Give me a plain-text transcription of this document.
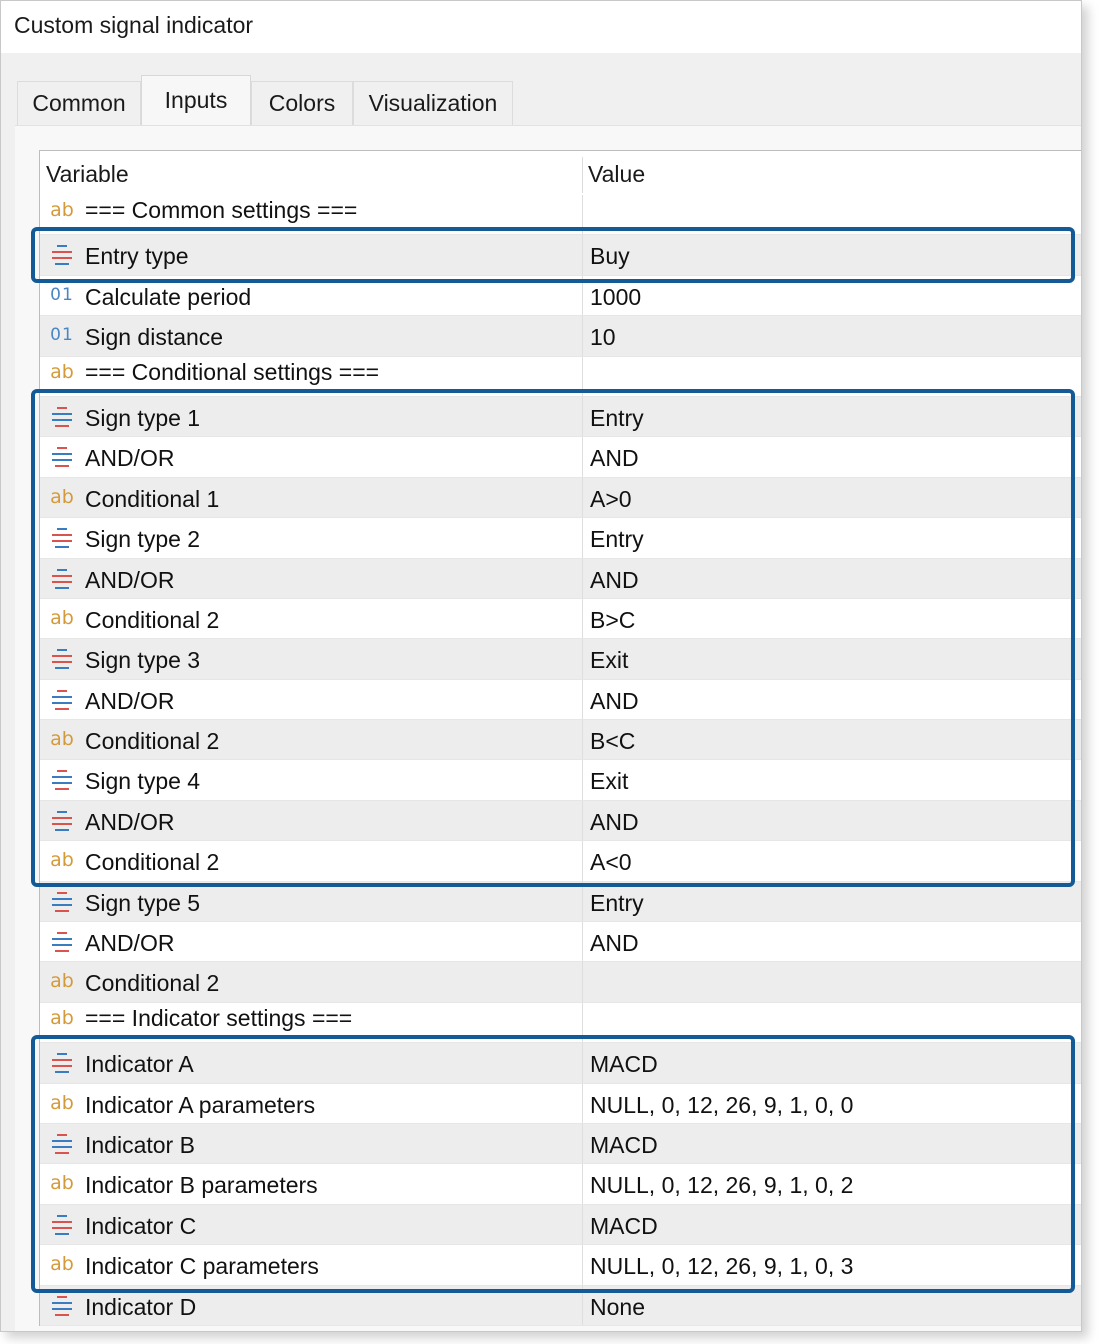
Custom signal indicator
Common	Inputs	Colors	Visualization
Variable	Value
ab === Common settings ===
Entry type	Buy
01 Calculate period	1000
01 Sign distance	10
ab === Conditional settings ===
Sign type 1	Entry
AND/OR	AND
ab Conditional 1	A>0
Sign type 2	Entry
AND/OR	AND
ab Conditional 2	B>C
Sign type 3	Exit
AND/OR	AND
ab Conditional 2	B<C
Sign type 4	Exit
AND/OR	AND
ab Conditional 2	A<0
Sign type 5	Entry
AND/OR	AND
ab Conditional 2
ab === Indicator settings ===
Indicator A	MACD
ab Indicator A parameters	NULL, 0, 12, 26, 9, 1, 0, 0
Indicator B	MACD
ab Indicator B parameters	NULL, 0, 12, 26, 9, 1, 0, 2
Indicator C	MACD
ab Indicator C parameters	NULL, 0, 12, 26, 9, 1, 0, 3
Indicator D	None
